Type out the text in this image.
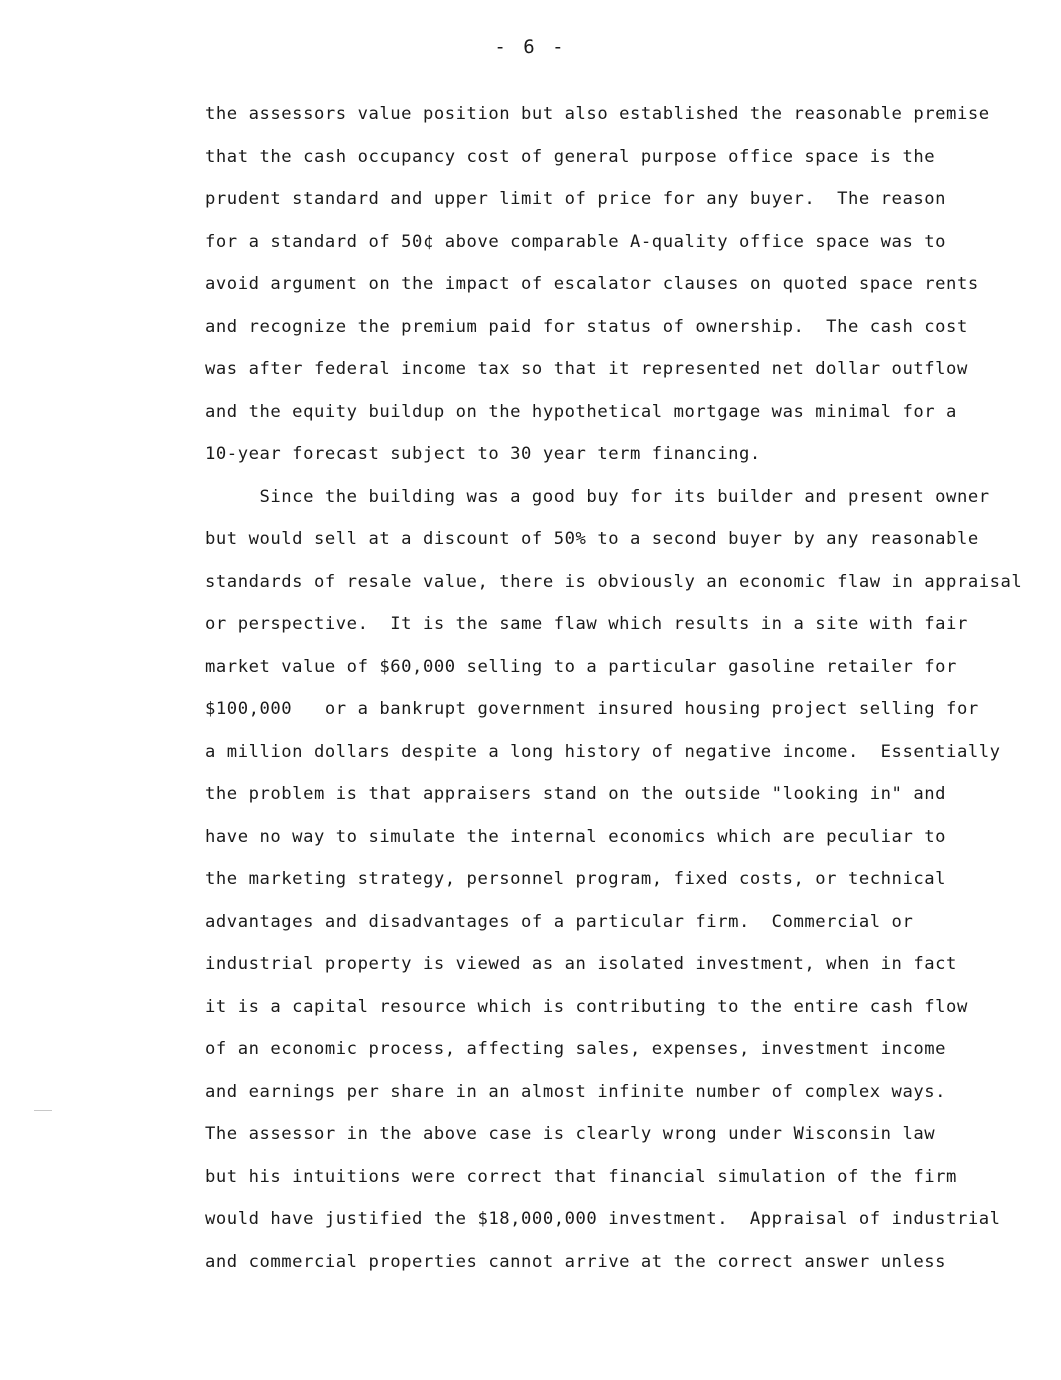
- 6 -
the assessors value position but also established the reasonable premise
that the cash occupancy cost of general purpose office space is the
prudent standard and upper limit of price for any buyer.  The reason
for a standard of 50¢ above comparable A-quality office space was to
avoid argument on the impact of escalator clauses on quoted space rents
and recognize the premium paid for status of ownership.  The cash cost
was after federal income tax so that it represented net dollar outflow
and the equity buildup on the hypothetical mortgage was minimal for a
10-year forecast subject to 30 year term financing.
Since the building was a good buy for its builder and present owner
but would sell at a discount of 50% to a second buyer by any reasonable
standards of resale value, there is obviously an economic flaw in appraisal
or perspective.  It is the same flaw which results in a site with fair
market value of $60,000 selling to a particular gasoline retailer for
$100,000   or a bankrupt government insured housing project selling for
a million dollars despite a long history of negative income.  Essentially
the problem is that appraisers stand on the outside "looking in" and
have no way to simulate the internal economics which are peculiar to
the marketing strategy, personnel program, fixed costs, or technical
advantages and disadvantages of a particular firm.  Commercial or
industrial property is viewed as an isolated investment, when in fact
it is a capital resource which is contributing to the entire cash flow
of an economic process, affecting sales, expenses, investment income
and earnings per share in an almost infinite number of complex ways.
The assessor in the above case is clearly wrong under Wisconsin law
but his intuitions were correct that financial simulation of the firm
would have justified the $18,000,000 investment.  Appraisal of industrial
and commercial properties cannot arrive at the correct answer unless
